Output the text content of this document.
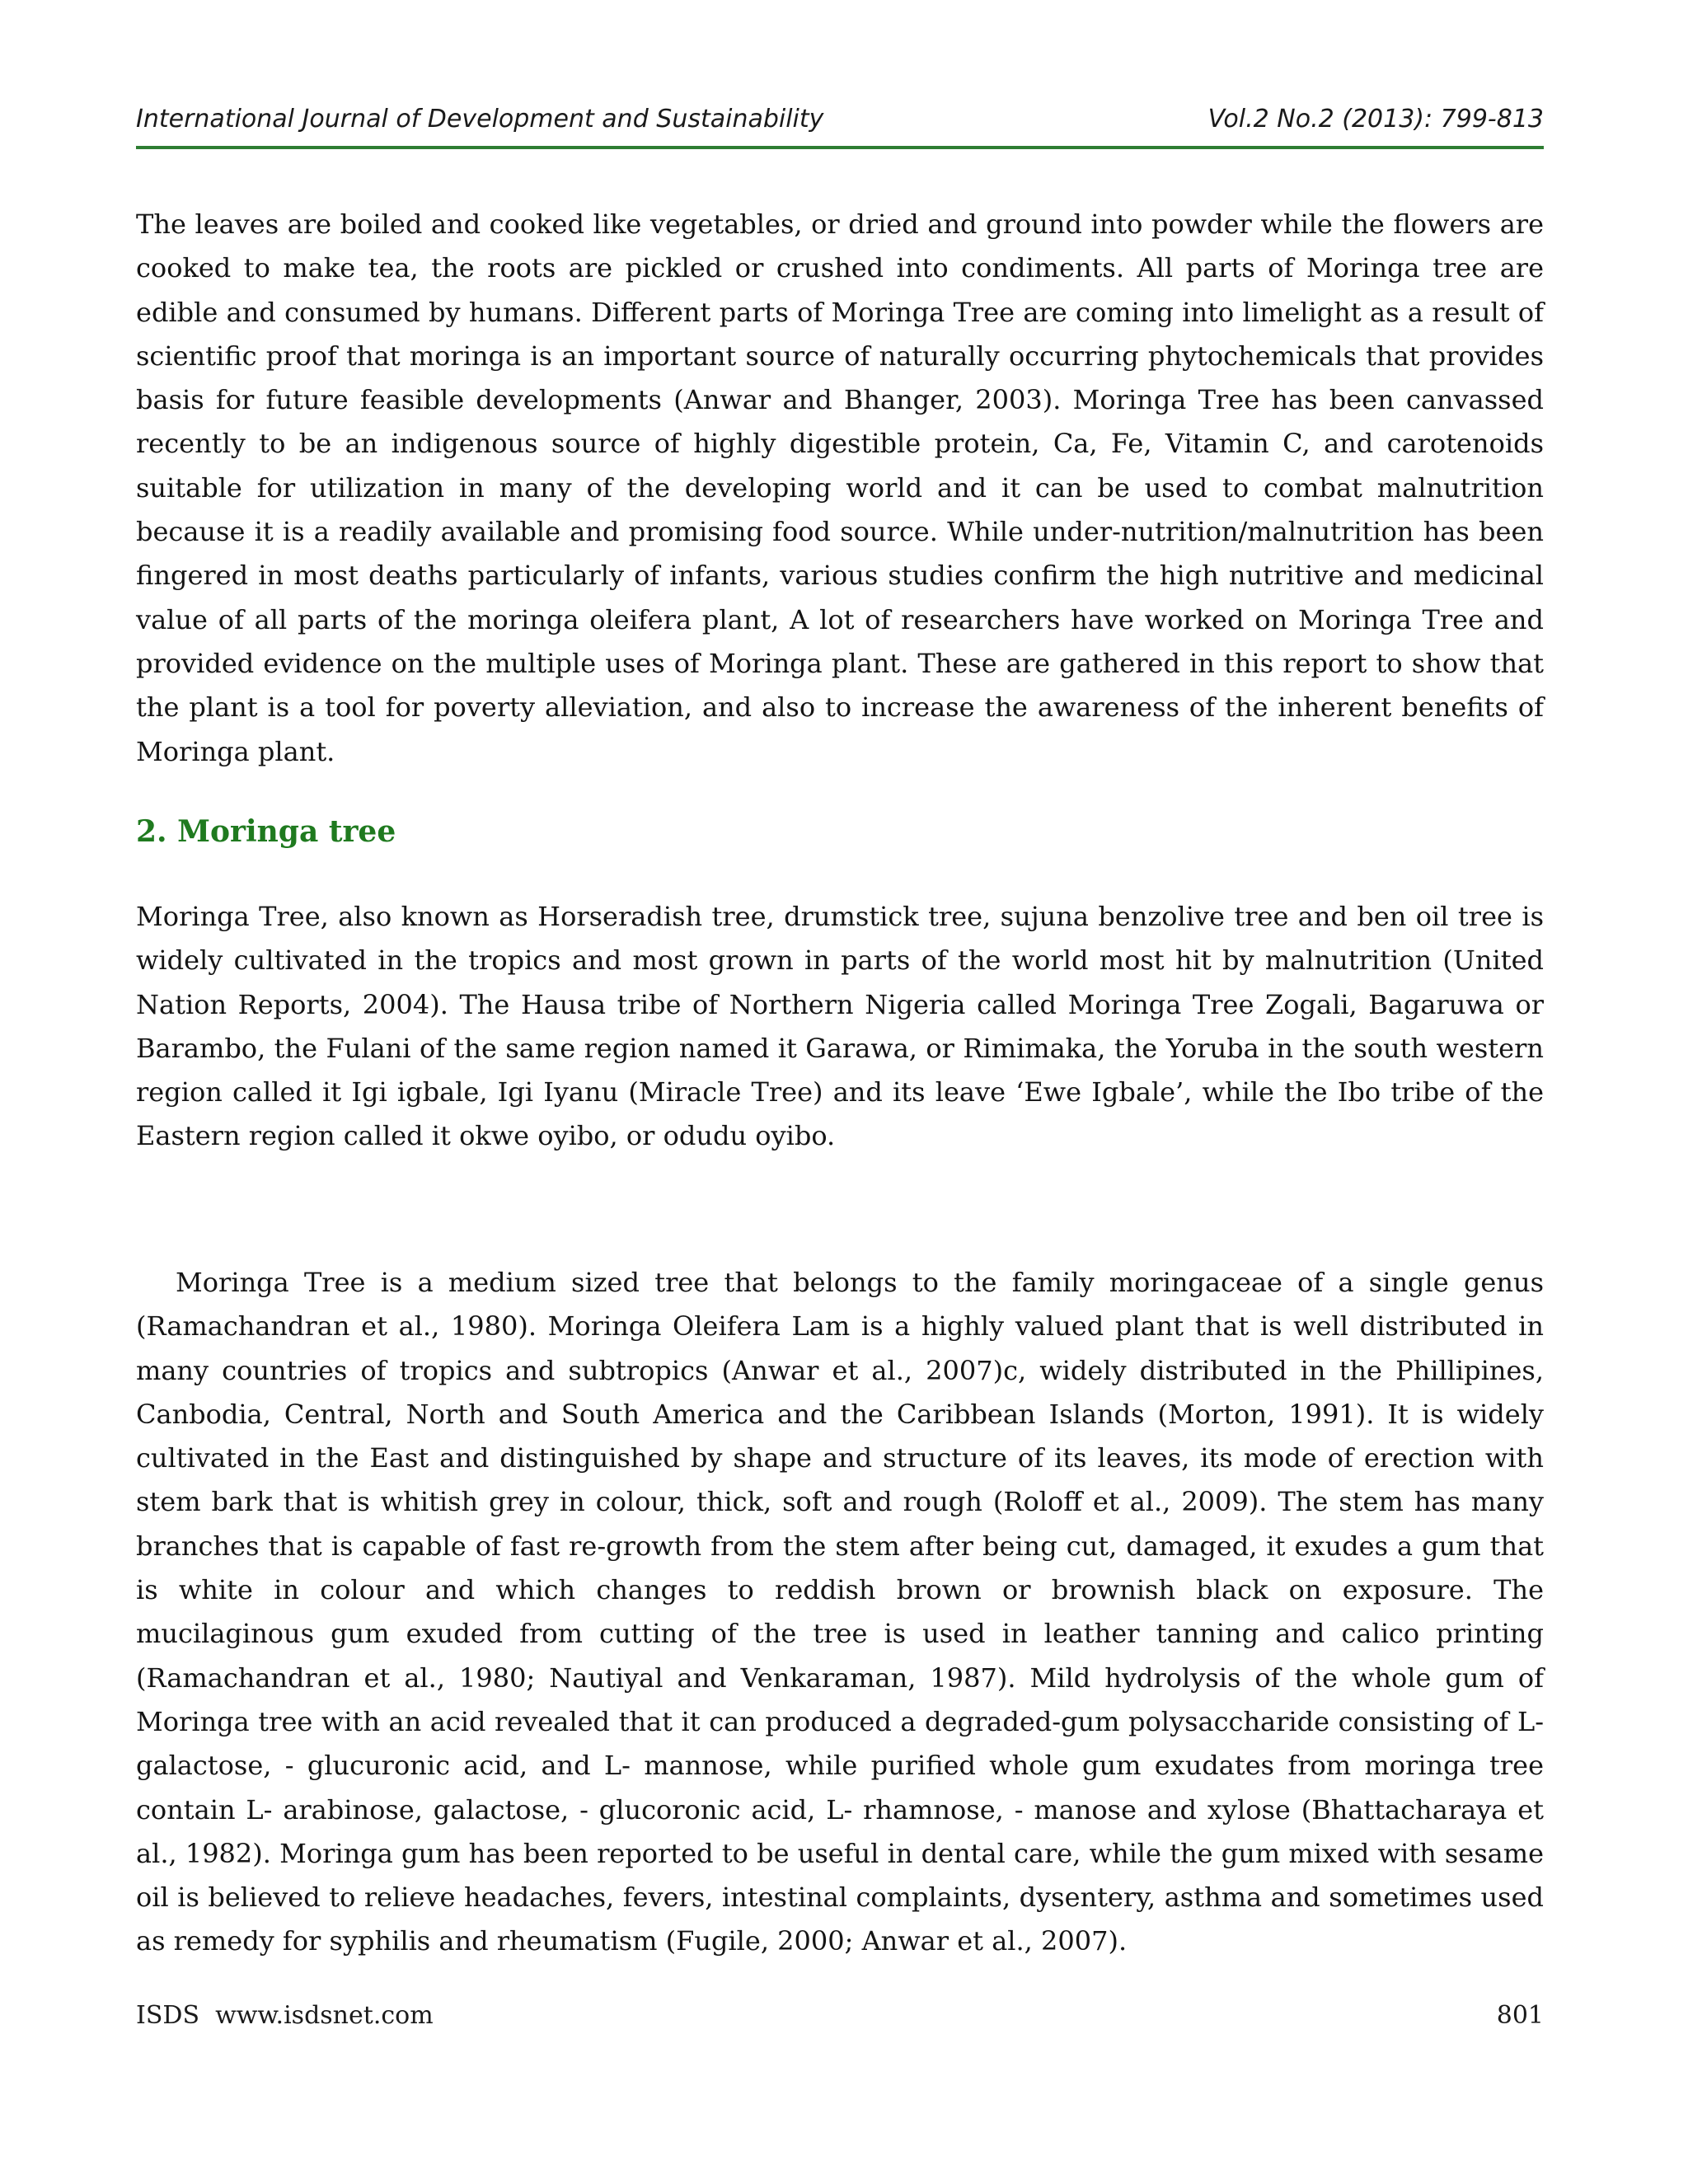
International Journal of Development and Sustainability	Vol.2 No.2 (2013): 799-813

The leaves are boiled and cooked like vegetables, or dried and ground into powder while the flowers are cooked to make tea, the roots are pickled or crushed into condiments. All parts of Moringa tree are edible and consumed by humans. Different parts of Moringa Tree are coming into limelight as a result of scientific proof that moringa is an important source of naturally occurring phytochemicals that provides basis for future feasible developments (Anwar and Bhanger, 2003). Moringa Tree has been canvassed recently to be an indigenous source of highly digestible protein, Ca, Fe, Vitamin C, and carotenoids suitable for utilization in many of the developing world and it can be used to combat malnutrition because it is a readily available and promising food source. While under-nutrition/malnutrition has been fingered in most deaths particularly of infants, various studies confirm the high nutritive and medicinal value of all parts of the moringa oleifera plant, A lot of researchers have worked on Moringa Tree and provided evidence on the multiple uses of Moringa plant. These are gathered in this report to show that the plant is a tool for poverty alleviation, and also to increase the awareness of the inherent benefits of Moringa plant.

2. Moringa tree

Moringa Tree, also known as Horseradish tree, drumstick tree, sujuna benzolive tree and ben oil tree is widely cultivated in the tropics and most grown in parts of the world most hit by malnutrition (United Nation Reports, 2004). The Hausa tribe of Northern Nigeria called Moringa Tree Zogali, Bagaruwa or Barambo, the Fulani of the same region named it Garawa, or Rimimaka, the Yoruba in the south western region called it Igi igbale, Igi Iyanu (Miracle Tree) and its leave ‘Ewe Igbale’, while the Ibo tribe of the Eastern region called it okwe oyibo, or odudu oyibo.

Moringa Tree is a medium sized tree that belongs to the family moringaceae of a single genus (Ramachandran et al., 1980). Moringa Oleifera Lam is a highly valued plant that is well distributed in many countries of tropics and subtropics (Anwar et al., 2007)c, widely distributed in the Phillipines, Canbodia, Central, North and South America and the Caribbean Islands (Morton, 1991). It is widely cultivated in the East and distinguished by shape and structure of its leaves, its mode of erection with stem bark that is whitish grey in colour, thick, soft and rough (Roloff et al., 2009). The stem has many branches that is capable of fast re-growth from the stem after being cut, damaged, it exudes a gum that is white in colour and which changes to reddish brown or brownish black on exposure. The mucilaginous gum exuded from cutting of the tree is used in leather tanning and calico printing (Ramachandran et al., 1980; Nautiyal and Venkaraman, 1987). Mild hydrolysis of the whole gum of Moringa tree with an acid revealed that it can produced a degraded-gum polysaccharide consisting of L- galactose, - glucuronic acid, and L- mannose, while purified whole gum exudates from moringa tree contain L- arabinose, galactose, - glucoronic acid, L- rhamnose, - manose and xylose (Bhattacharaya et al., 1982). Moringa gum has been reported to be useful in dental care, while the gum mixed with sesame oil is believed to relieve headaches, fevers, intestinal complaints, dysentery, asthma and sometimes used as remedy for syphilis and rheumatism (Fugile, 2000; Anwar et al., 2007).

ISDS  www.isdsnet.com	801
